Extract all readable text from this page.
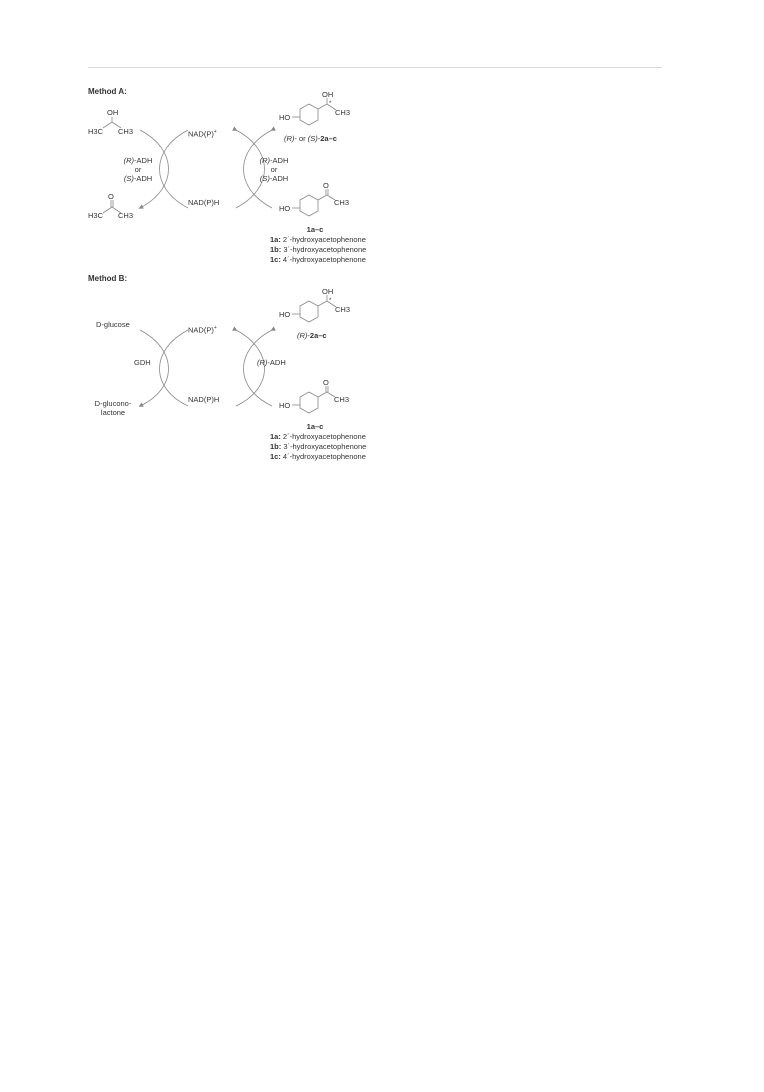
Method A:
OH
H3C CH3
O
H3C CH3
(R)-ADH
or
(S)-ADH
NAD(P)+
NAD(P)H
(R)-ADH
or
(S)-ADH
OH
*
CH3
HO
(R)- or (S)-2a–c
O
CH3
HO
1a–c
1a: 2´-hydroxyacetophenone
1b: 3´-hydroxyacetophenone
1c: 4´-hydroxyacetophenone
Method B:
D-glucose
D-glucono-
lactone
GDH
NAD(P)+
NAD(P)H
(R)-ADH
OH
*
CH3
HO
(R)-2a–c
O
CH3
HO
1a–c
1a: 2´-hydroxyacetophenone
1b: 3´-hydroxyacetophenone
1c: 4´-hydroxyacetophenone
